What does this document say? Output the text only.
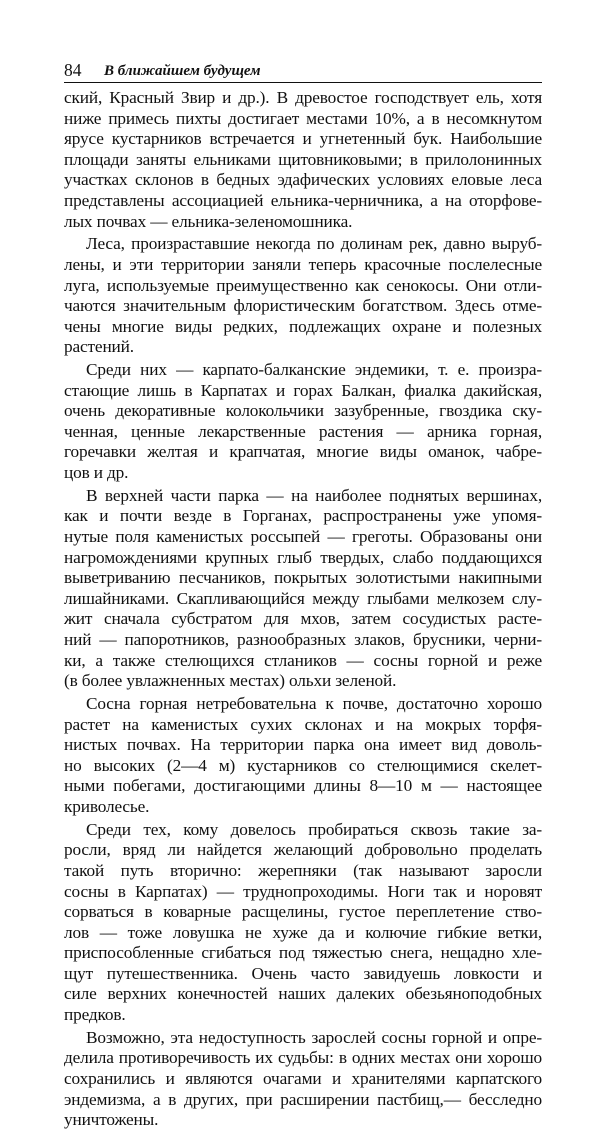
84 В ближайшем будущем
ский, Красный Звир и др.). В древостое господствует ель, хотя
ниже примесь пихты достигает местами 10%, а в несомкнутом
ярусе кустарников встречается и угнетенный бук. Наибольшие
площади заняты ельниками щитовниковыми; в прилолонинных
участках склонов в бедных эдафических условиях еловые леса
представлены ассоциацией ельника-черничника, а на оторфове-
лых почвах — ельника-зеленомошника.
Леса, произраставшие некогда по долинам рек, давно выруб-
лены, и эти территории заняли теперь красочные послелесные
луга, используемые преимущественно как сенокосы. Они отли-
чаются значительным флористическим богатством. Здесь отме-
чены многие виды редких, подлежащих охране и полезных
растений.
Среди них — карпато-балканские эндемики, т. е. произра-
стающие лишь в Карпатах и горах Балкан, фиалка дакийская,
очень декоративные колокольчики зазубренные, гвоздика ску-
ченная, ценные лекарственные растения — арника горная,
горечавки желтая и крапчатая, многие виды оманок, чабре-
цов и др.
В верхней части парка — на наиболее поднятых вершинах,
как и почти везде в Горганах, распространены уже упомя-
нутые поля каменистых россыпей — греготы. Образованы они
нагромождениями крупных глыб твердых, слабо поддающихся
выветриванию песчаников, покрытых золотистыми накипными
лишайниками. Скапливающийся между глыбами мелкозем слу-
жит сначала субстратом для мхов, затем сосудистых расте-
ний — папоротников, разнообразных злаков, брусники, черни-
ки, а также стелющихся стлаников — сосны горной и реже
(в более увлажненных местах) ольхи зеленой.
Сосна горная нетребовательна к почве, достаточно хорошо
растет на каменистых сухих склонах и на мокрых торфя-
нистых почвах. На территории парка она имеет вид доволь-
но высоких (2—4 м) кустарников со стелющимися скелет-
ными побегами, достигающими длины 8—10 м — настоящее
криволесье.
Среди тех, кому довелось пробираться сквозь такие за-
росли, вряд ли найдется желающий добровольно проделать
такой путь вторично: жерепняки (так называют заросли
сосны в Карпатах) — труднопроходимы. Ноги так и норовят
сорваться в коварные расщелины, густое переплетение ство-
лов — тоже ловушка не хуже да и колючие гибкие ветки,
приспособленные сгибаться под тяжестью снега, нещадно хле-
щут путешественника. Очень часто завидуешь ловкости и
силе верхних конечностей наших далеких обезьяноподобных
предков.
Возможно, эта недоступность зарослей сосны горной и опре-
делила противоречивость их судьбы: в одних местах они хорошо
сохранились и являются очагами и хранителями карпатского
эндемизма, а в других, при расширении пастбищ,— бесследно
уничтожены.
